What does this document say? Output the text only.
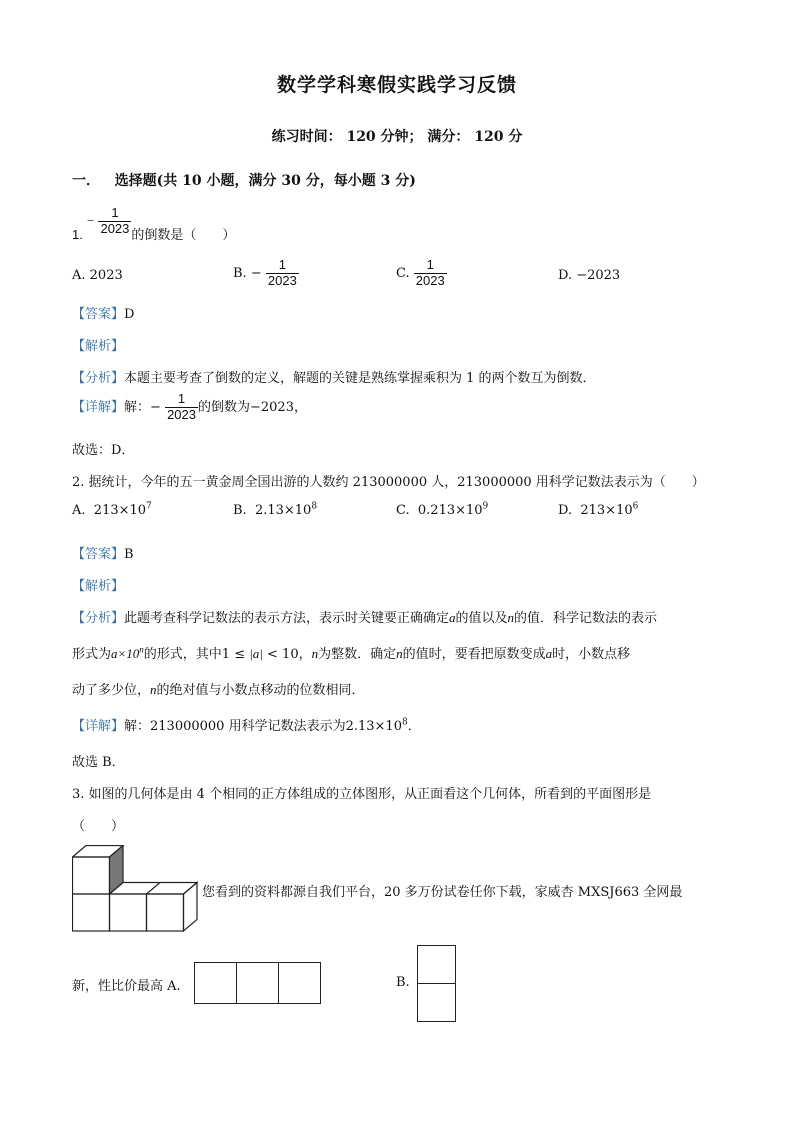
数学学科寒假实践学习反馈
练习时间： 120 分钟； 满分： 120 分
一． 选择题(共 10 小题，满分 30 分，每小题 3 分)
1. − $\frac{1}{2023}$ 的倒数是（　　）
A. 2023	B. − $\frac{1}{2023}$	C. $\frac{1}{2023}$	D. −2023
【答案】D
【解析】
【分析】本题主要考查了倒数的定义，解题的关键是熟练掌握乘积为 1 的两个数互为倒数．
【详解】解：− $\frac{1}{2023}$ 的倒数为−2023，
故选：D．
2. 据统计，今年的五一黄金周全国出游的人数约 213000000 人，213000000 用科学记数法表示为（　　）
A. $213\times 10^7$	B. $2.13\times 10^8$	C. $0.213\times 10^9$	D. $213\times 10^6$
【答案】B
【解析】
【分析】此题考查科学记数法的表示方法，表示时关键要正确确定a的值以及n的值．科学记数法的表示
形式为$a\times 10^n$的形式，其中1 ≤ |a| < 10，n为整数．确定n的值时，要看把原数变成a时，小数点移
动了多少位，n的绝对值与小数点移动的位数相同．
【详解】解：213000000 用科学记数法表示为$2.13\times 10^8$．
故选 B．
3. 如图的几何体是由 4 个相同的正方体组成的立体图形，从正面看这个几何体，所看到的平面图形是
（　　）
您看到的资料都源自我们平台，20 多万份试卷任你下载，家威杏 MXSJ663 全网最
新，性比价最高 A.	B.
